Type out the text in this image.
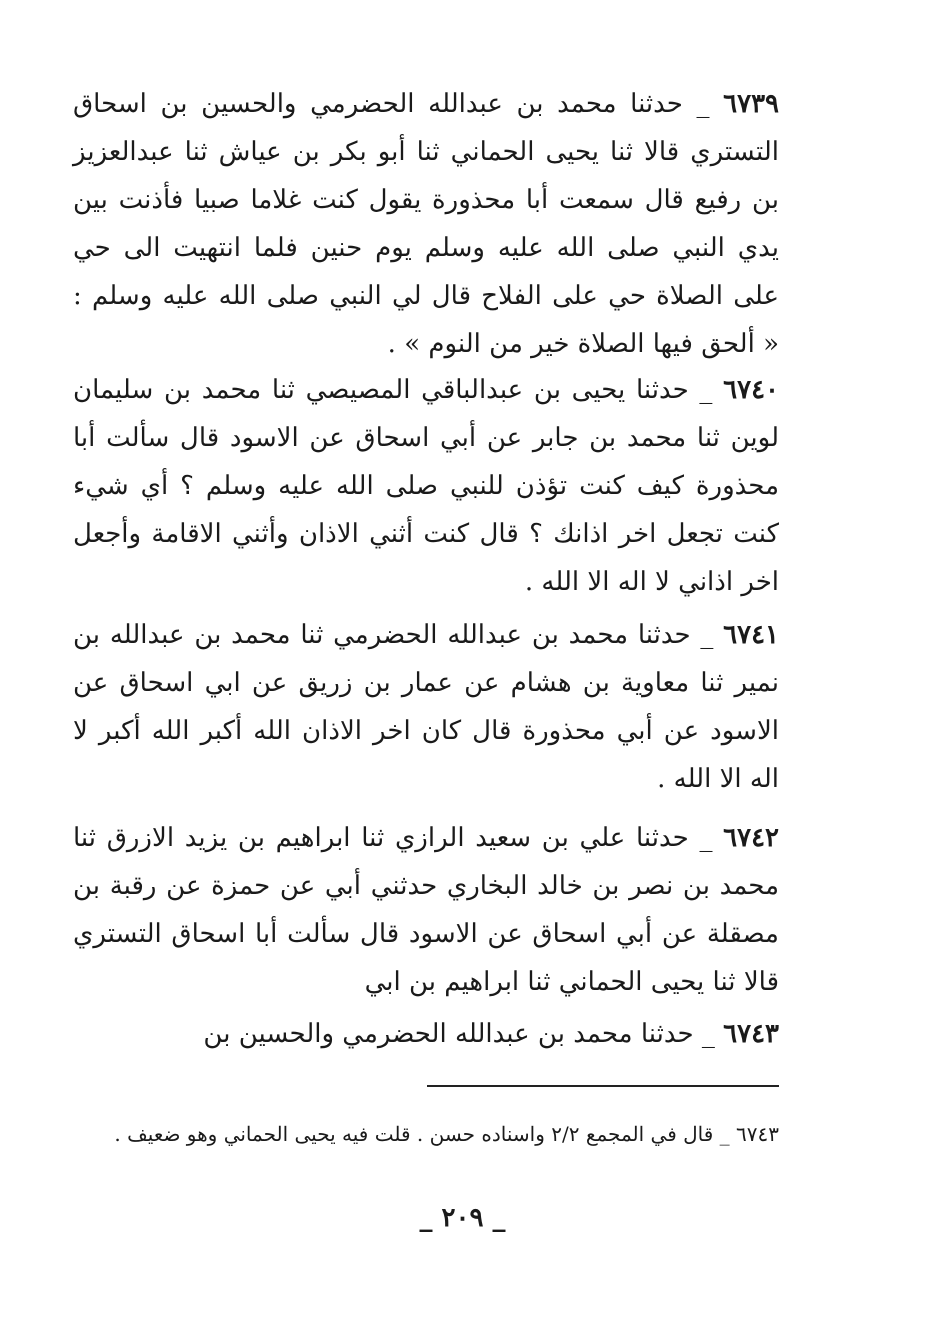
٦٧٣٩ _ حدثنا محمد بن عبدالله الحضرمي والحسين بن اسحاق التستري قالا ثنا يحيى الحماني ثنا أبو بكر بن عياش ثنا عبدالعزيز بن رفيع قال سمعت أبا محذورة يقول كنت غلاما صبيا فأذنت بين يدي النبي صلى الله عليه وسلم يوم حنين فلما انتهيت الى حي على الصلاة حي على الفلاح قال لي النبي صلى الله عليه وسلم : « ألحق فيها الصلاة خير من النوم » .

٦٧٤٠ _ حدثنا يحيى بن عبدالباقي المصيصي ثنا محمد بن سليمان لوين ثنا محمد بن جابر عن أبي اسحاق عن الاسود قال سألت أبا محذورة كيف كنت تؤذن للنبي صلى الله عليه وسلم ؟ أي شيء كنت تجعل اخر اذانك ؟ قال كنت أثني الاذان وأثني الاقامة وأجعل اخر اذاني لا اله الا الله .

٦٧٤١ _ حدثنا محمد بن عبدالله الحضرمي ثنا محمد بن عبدالله بن نمير ثنا معاوية بن هشام عن عمار بن زريق عن ابي اسحاق عن الاسود عن أبي محذورة قال كان اخر الاذان الله أكبر الله أكبر لا اله الا الله .

٦٧٤٢ _ حدثنا علي بن سعيد الرازي ثنا ابراهيم بن يزيد الازرق ثنا محمد بن نصر بن خالد البخاري حدثني أبي عن حمزة عن رقبة بن مصقلة عن أبي اسحاق عن الاسود قال سألت أبا اسحاق التستري قالا ثنا يحيى الحماني ثنا ابراهيم بن ابي

٦٧٤٣ _ حدثنا محمد بن عبدالله الحضرمي والحسين بن

٦٧٤٣ _ قال في المجمع ٢/٢ واسناده حسن . قلت فيه يحيى الحماني وهو ضعيف .

_ ٢٠٩ _
